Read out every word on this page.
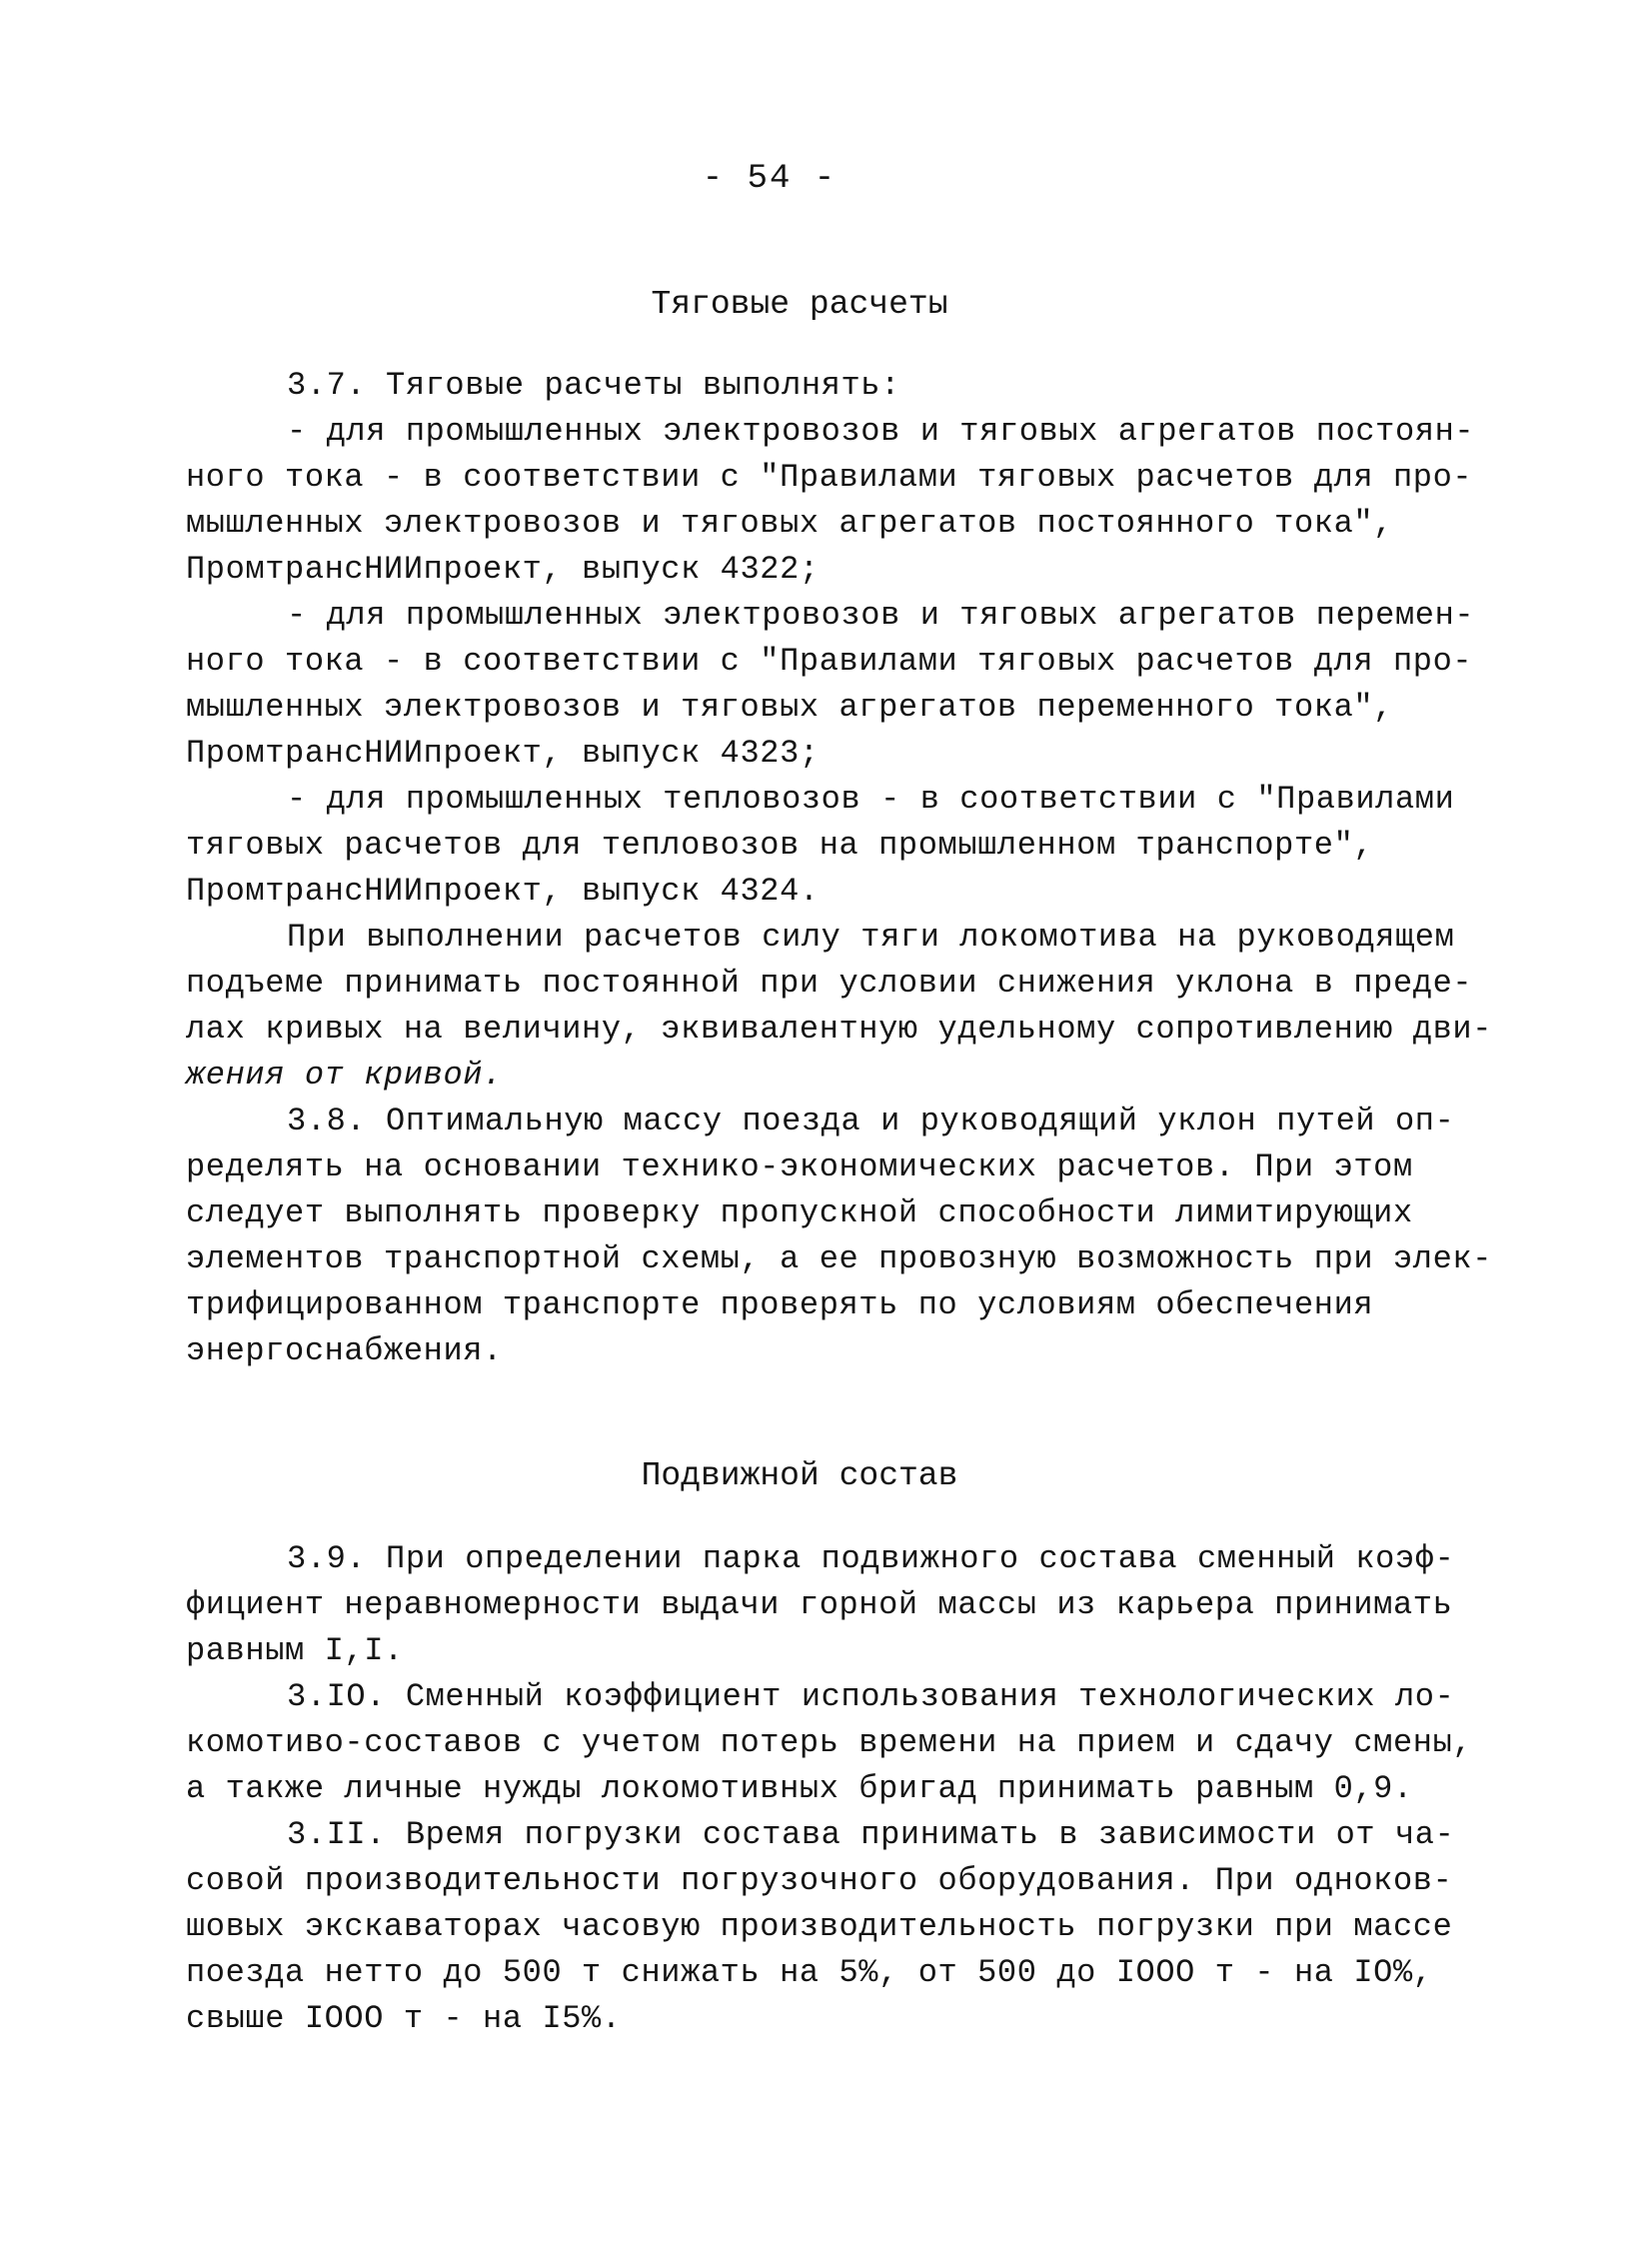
- 54 -
Тяговые расчеты
3.7. Тяговые расчеты выполнять:
- для промышленных электровозов и тяговых агрегатов постоян-
ного тока - в соответствии с "Правилами тяговых расчетов для про-
мышленных электровозов и тяговых агрегатов постоянного тока",
ПромтрансНИИпроект, выпуск 4322;
- для промышленных электровозов и тяговых агрегатов перемен-
ного тока - в соответствии с "Правилами тяговых расчетов для про-
мышленных электровозов и тяговых агрегатов переменного тока",
ПромтрансНИИпроект, выпуск 4323;
- для промышленных тепловозов - в соответствии с "Правилами
тяговых расчетов для тепловозов на промышленном транспорте",
ПромтрансНИИпроект, выпуск 4324.
При выполнении расчетов силу тяги локомотива на руководящем
подъеме принимать постоянной при условии снижения уклона в преде-
лах кривых на величину, эквивалентную удельному сопротивлению дви-
жения от кривой.
3.8. Оптимальную массу поезда и руководящий уклон путей оп-
ределять на основании технико-экономических расчетов. При этом
следует выполнять проверку пропускной способности лимитирующих
элементов транспортной схемы, а ее провозную возможность при элек-
трифицированном транспорте проверять по условиям обеспечения
энергоснабжения.
Подвижной состав
3.9. При определении парка подвижного состава сменный коэф-
фициент неравномерности выдачи горной массы из карьера принимать
равным I,I.
3.IO. Сменный коэффициент использования технологических ло-
комотиво-составов с учетом потерь времени на прием и сдачу смены,
а также личные нужды локомотивных бригад принимать равным 0,9.
3.II. Время погрузки состава принимать в зависимости от ча-
совой производительности погрузочного оборудования. При одноков-
шовых экскаваторах часовую производительность погрузки при массе
поезда нетто до 500 т снижать на 5%, от 500 до IOOO т - на IO%,
свыше IOOO т - на I5%.
